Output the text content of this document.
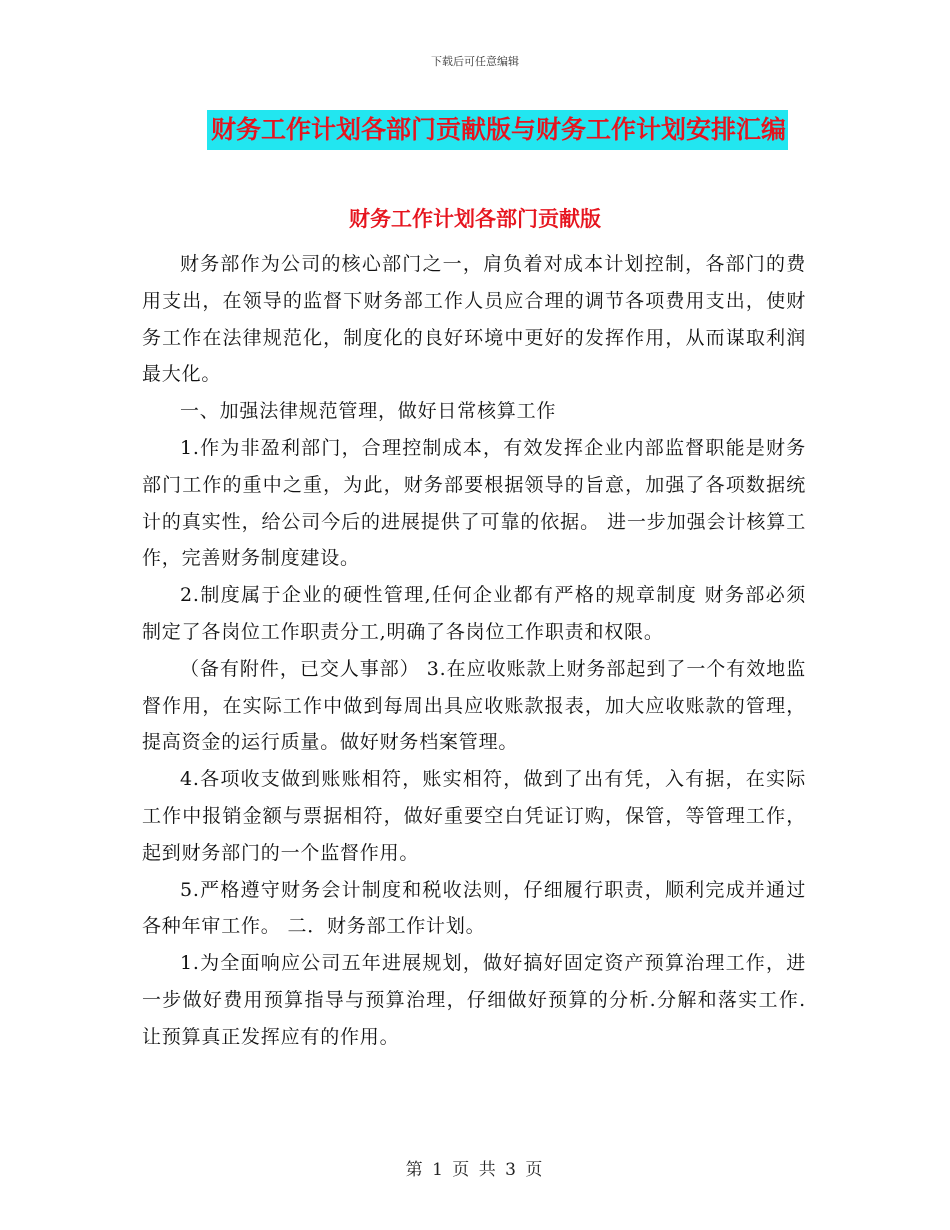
下载后可任意编辑
财务工作计划各部门贡献版与财务工作计划安排汇编
财务工作计划各部门贡献版

财务部作为公司的核心部门之一，肩负着对成本计划控制，各部门的费用支出，在领导的监督下财务部工作人员应合理的调节各项费用支出，使财务工作在法律规范化，制度化的良好环境中更好的发挥作用，从而谋取利润最大化。

一、加强法律规范管理，做好日常核算工作

1.作为非盈利部门，合理控制成本，有效发挥企业内部监督职能是财务部门工作的重中之重，为此，财务部要根据领导的旨意，加强了各项数据统计的真实性，给公司今后的进展提供了可靠的依据。 进一步加强会计核算工作，完善财务制度建设。

2.制度属于企业的硬性管理,任何企业都有严格的规章制度 财务部必须制定了各岗位工作职责分工,明确了各岗位工作职责和权限。

（备有附件，已交人事部） 3.在应收账款上财务部起到了一个有效地监督作用，在实际工作中做到每周出具应收账款报表，加大应收账款的管理，提高资金的运行质量。做好财务档案管理。

4.各项收支做到账账相符，账实相符，做到了出有凭，入有据，在实际工作中报销金额与票据相符，做好重要空白凭证订购，保管，等管理工作，起到财务部门的一个监督作用。

5.严格遵守财务会计制度和税收法则，仔细履行职责，顺利完成并通过各种年审工作。 二．财务部工作计划。

1.为全面响应公司五年进展规划，做好搞好固定资产预算治理工作，进一步做好费用预算指导与预算治理，仔细做好预算的分析.分解和落实工作.让预算真正发挥应有的作用。

第 1 页 共 3 页
